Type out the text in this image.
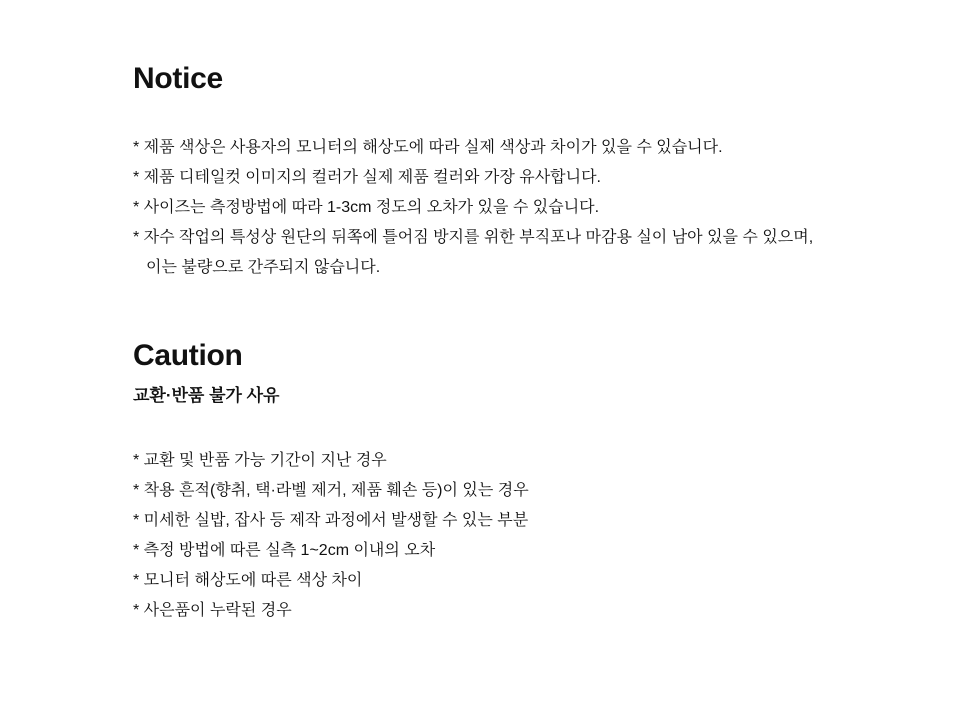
Notice
* 제품 색상은 사용자의 모니터의 해상도에 따라 실제 색상과 차이가 있을 수 있습니다.
* 제품 디테일컷 이미지의 컬러가 실제 제품 컬러와 가장 유사합니다.
* 사이즈는 측정방법에 따라 1-3cm 정도의 오차가 있을 수 있습니다.
* 자수 작업의 특성상 원단의 뒤쪽에 틀어짐 방지를 위한 부직포나 마감용 실이 남아 있을 수 있으며,
이는 불량으로 간주되지 않습니다.
Caution
교환·반품 불가 사유
* 교환 및 반품 가능 기간이 지난 경우
* 착용 흔적(향취, 택·라벨 제거, 제품 훼손 등)이 있는 경우
* 미세한 실밥, 잡사 등 제작 과정에서 발생할 수 있는 부분
* 측정 방법에 따른 실측 1~2cm 이내의 오차
* 모니터 해상도에 따른 색상 차이
* 사은품이 누락된 경우
